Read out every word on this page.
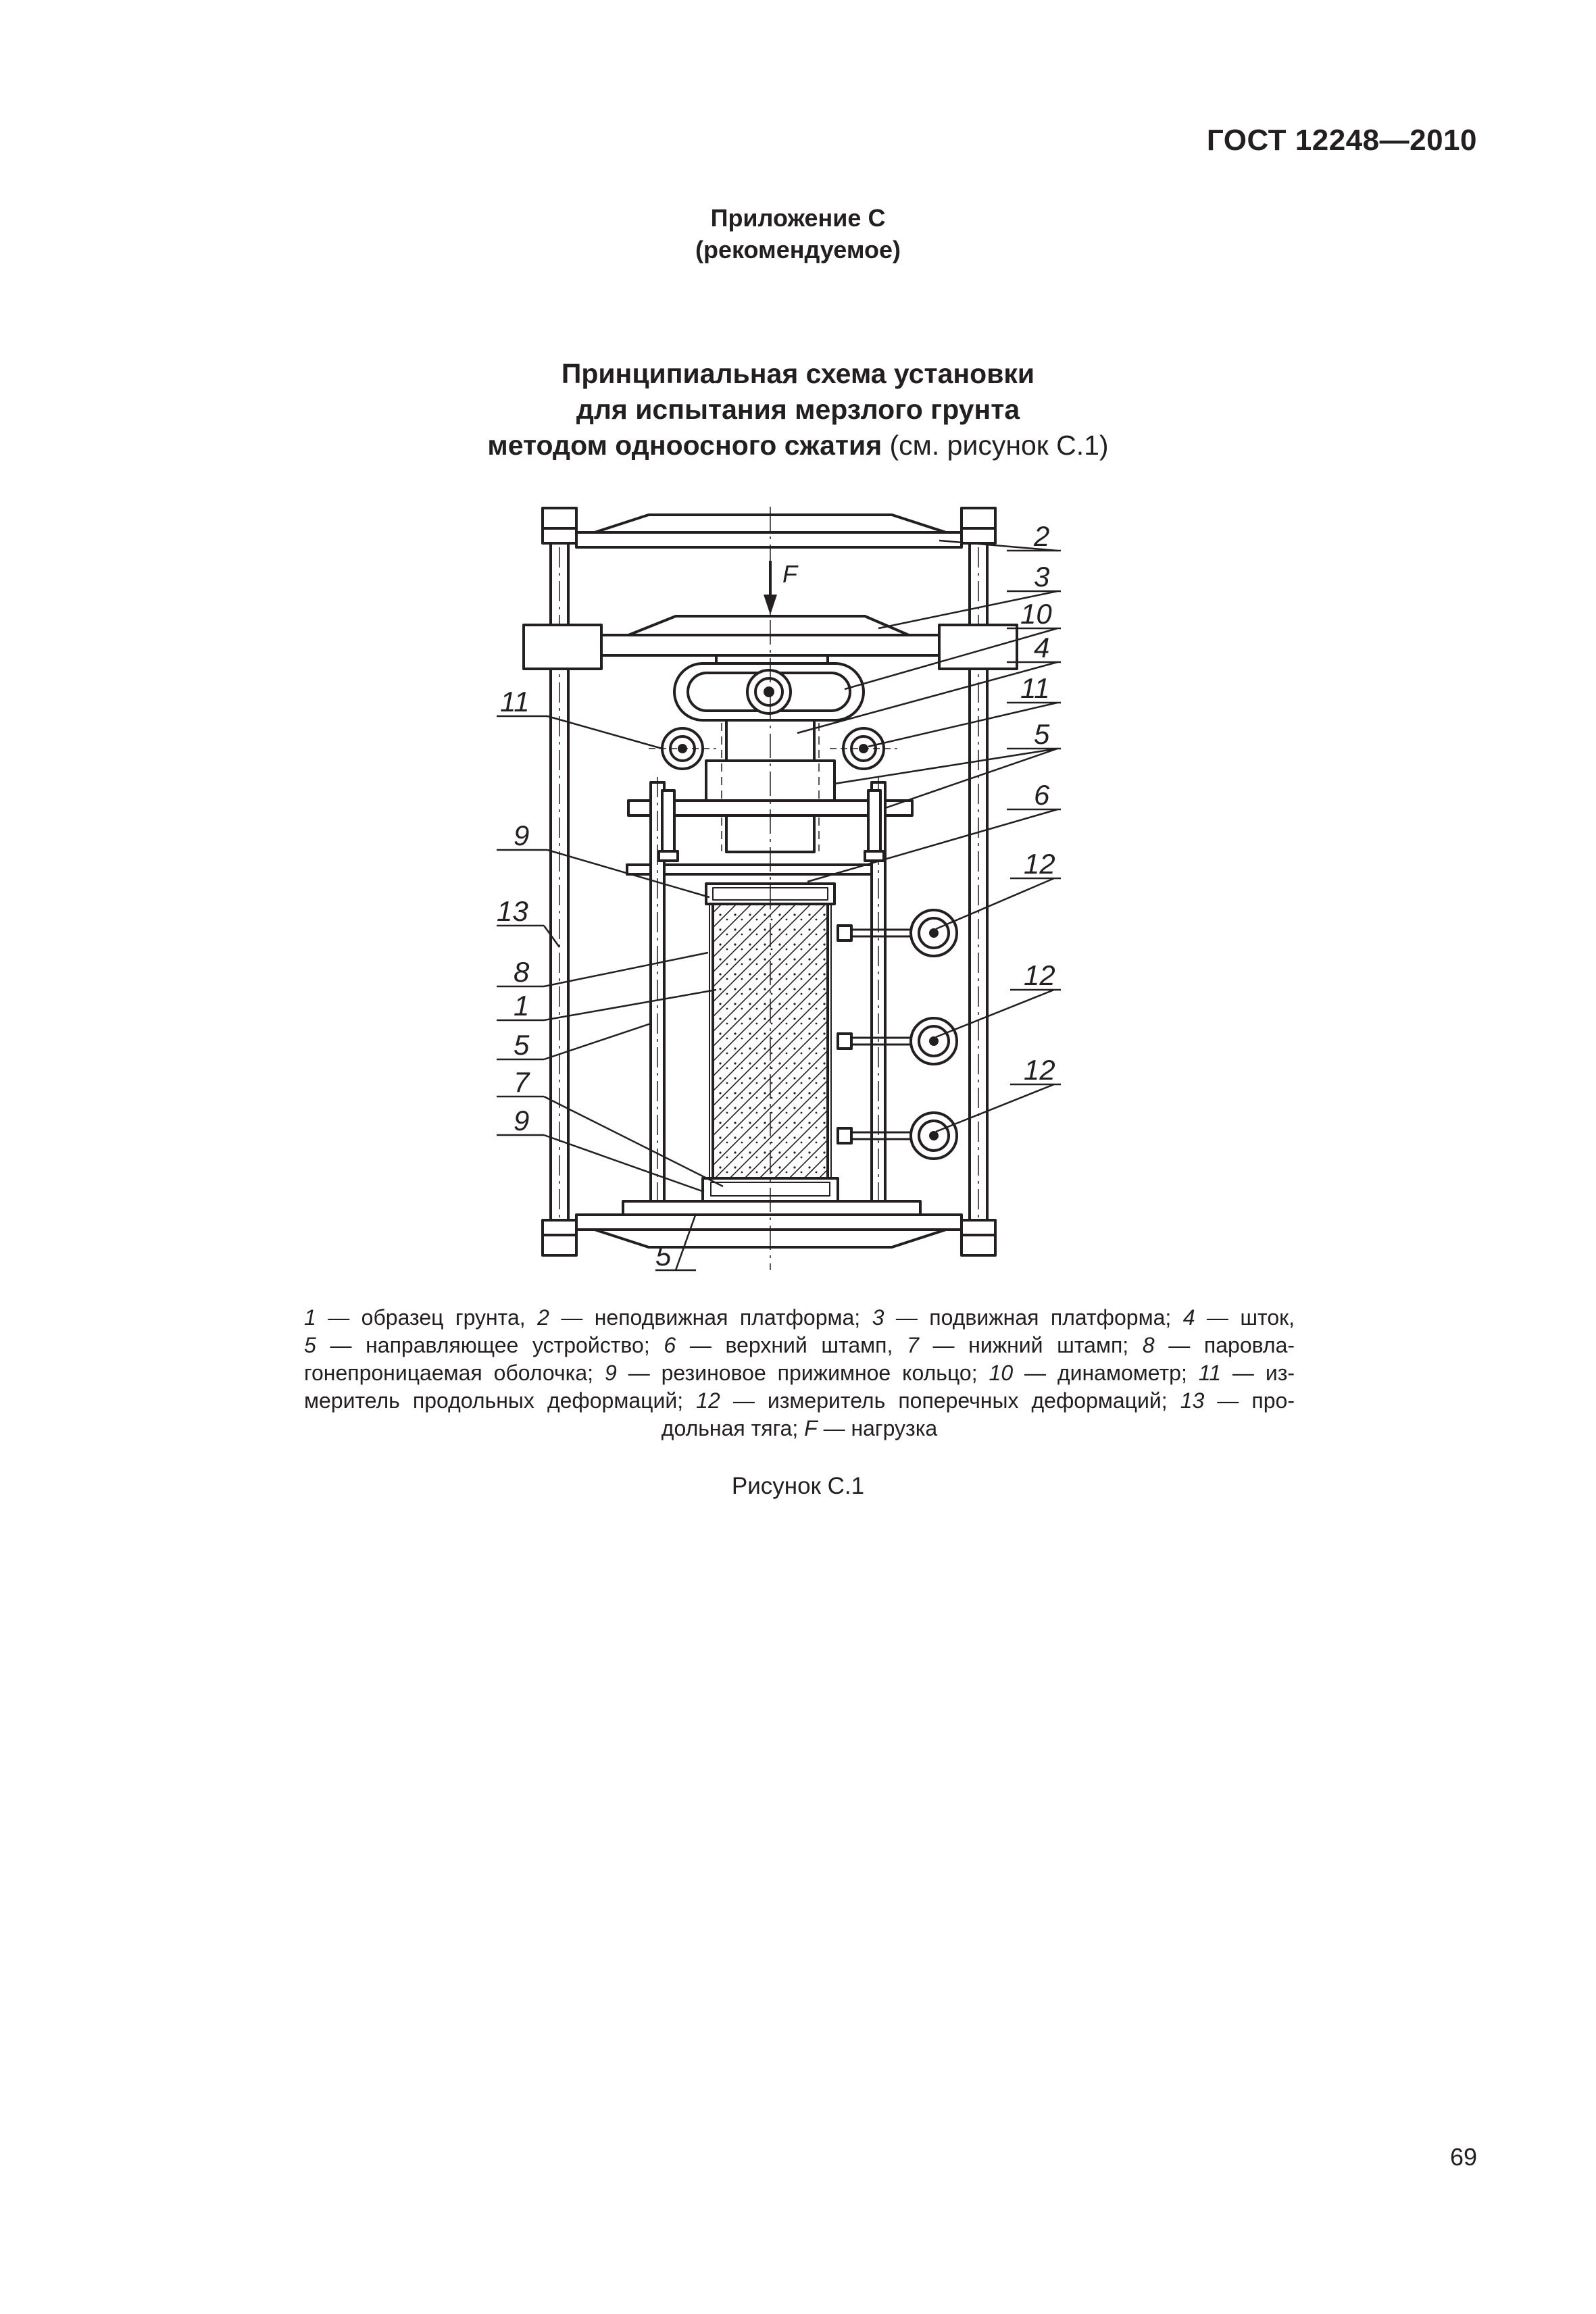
ГОСТ 12248—2010
Приложение С
(рекомендуемое)
Принципиальная схема установки
для испытания мерзлого грунта
методом одноосного сжатия (см. рисунок С.1)
F
2
3
10
4
11
5
6
12
12
12
11
9
13
8
1
5
7
9
5
1 — образец грунта, 2 — неподвижная платформа; 3 — подвижная платформа; 4 — шток,
5 — направляющее устройство; 6 — верхний штамп, 7 — нижний штамп; 8 — паровла-
гонепроницаемая оболочка; 9 — резиновое прижимное кольцо; 10 — динамометр; 11 — из-
меритель продольных деформаций; 12 — измеритель поперечных деформаций; 13 — про-
дольная тяга; F — нагрузка
Рисунок С.1
69
